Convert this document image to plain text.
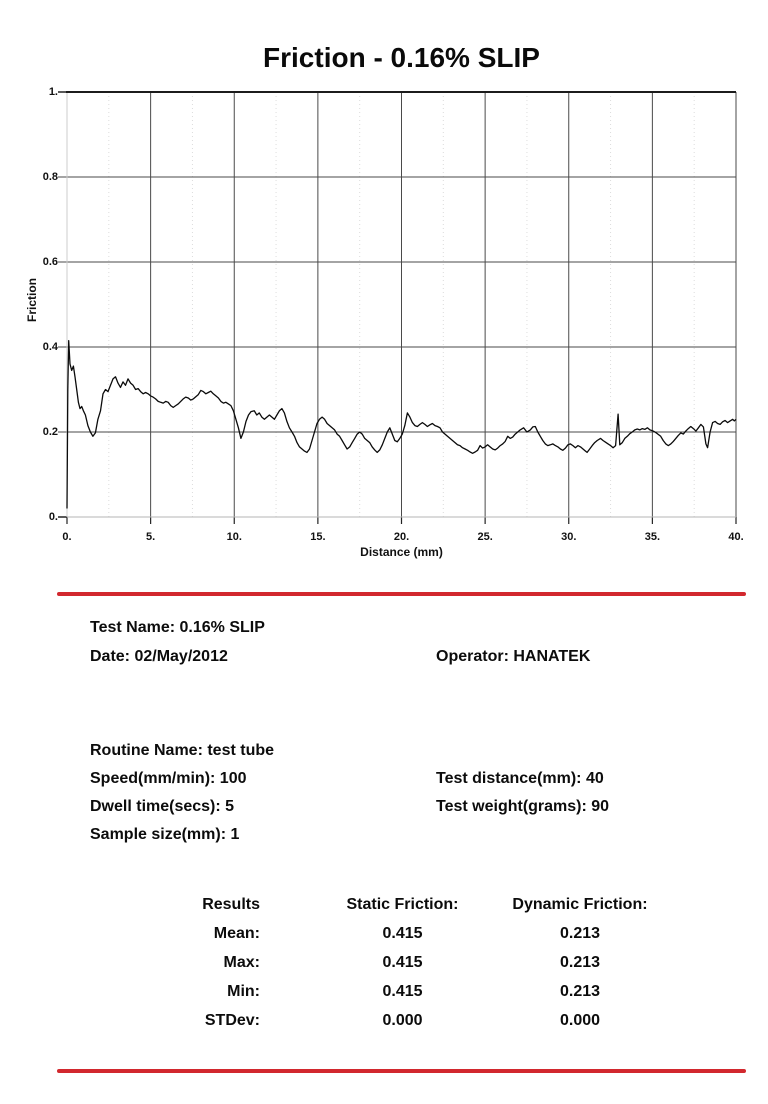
Friction - 0.16% SLIP
Friction
Distance (mm)
0.
0.2
0.4
0.6
0.8
1.
0.	5.	10.	15.	20.	25.	30.	35.	40.
Test Name: 0.16% SLIP
Date: 02/May/2012	Operator: HANATEK
Routine Name: test tube
Speed(mm/min): 100	Test distance(mm): 40
Dwell time(secs): 5	Test weight(grams): 90
Sample size(mm): 1
Results	Static Friction:	Dynamic Friction:
Mean:	0.415	0.213
Max:	0.415	0.213
Min:	0.415	0.213
STDev:	0.000	0.000
